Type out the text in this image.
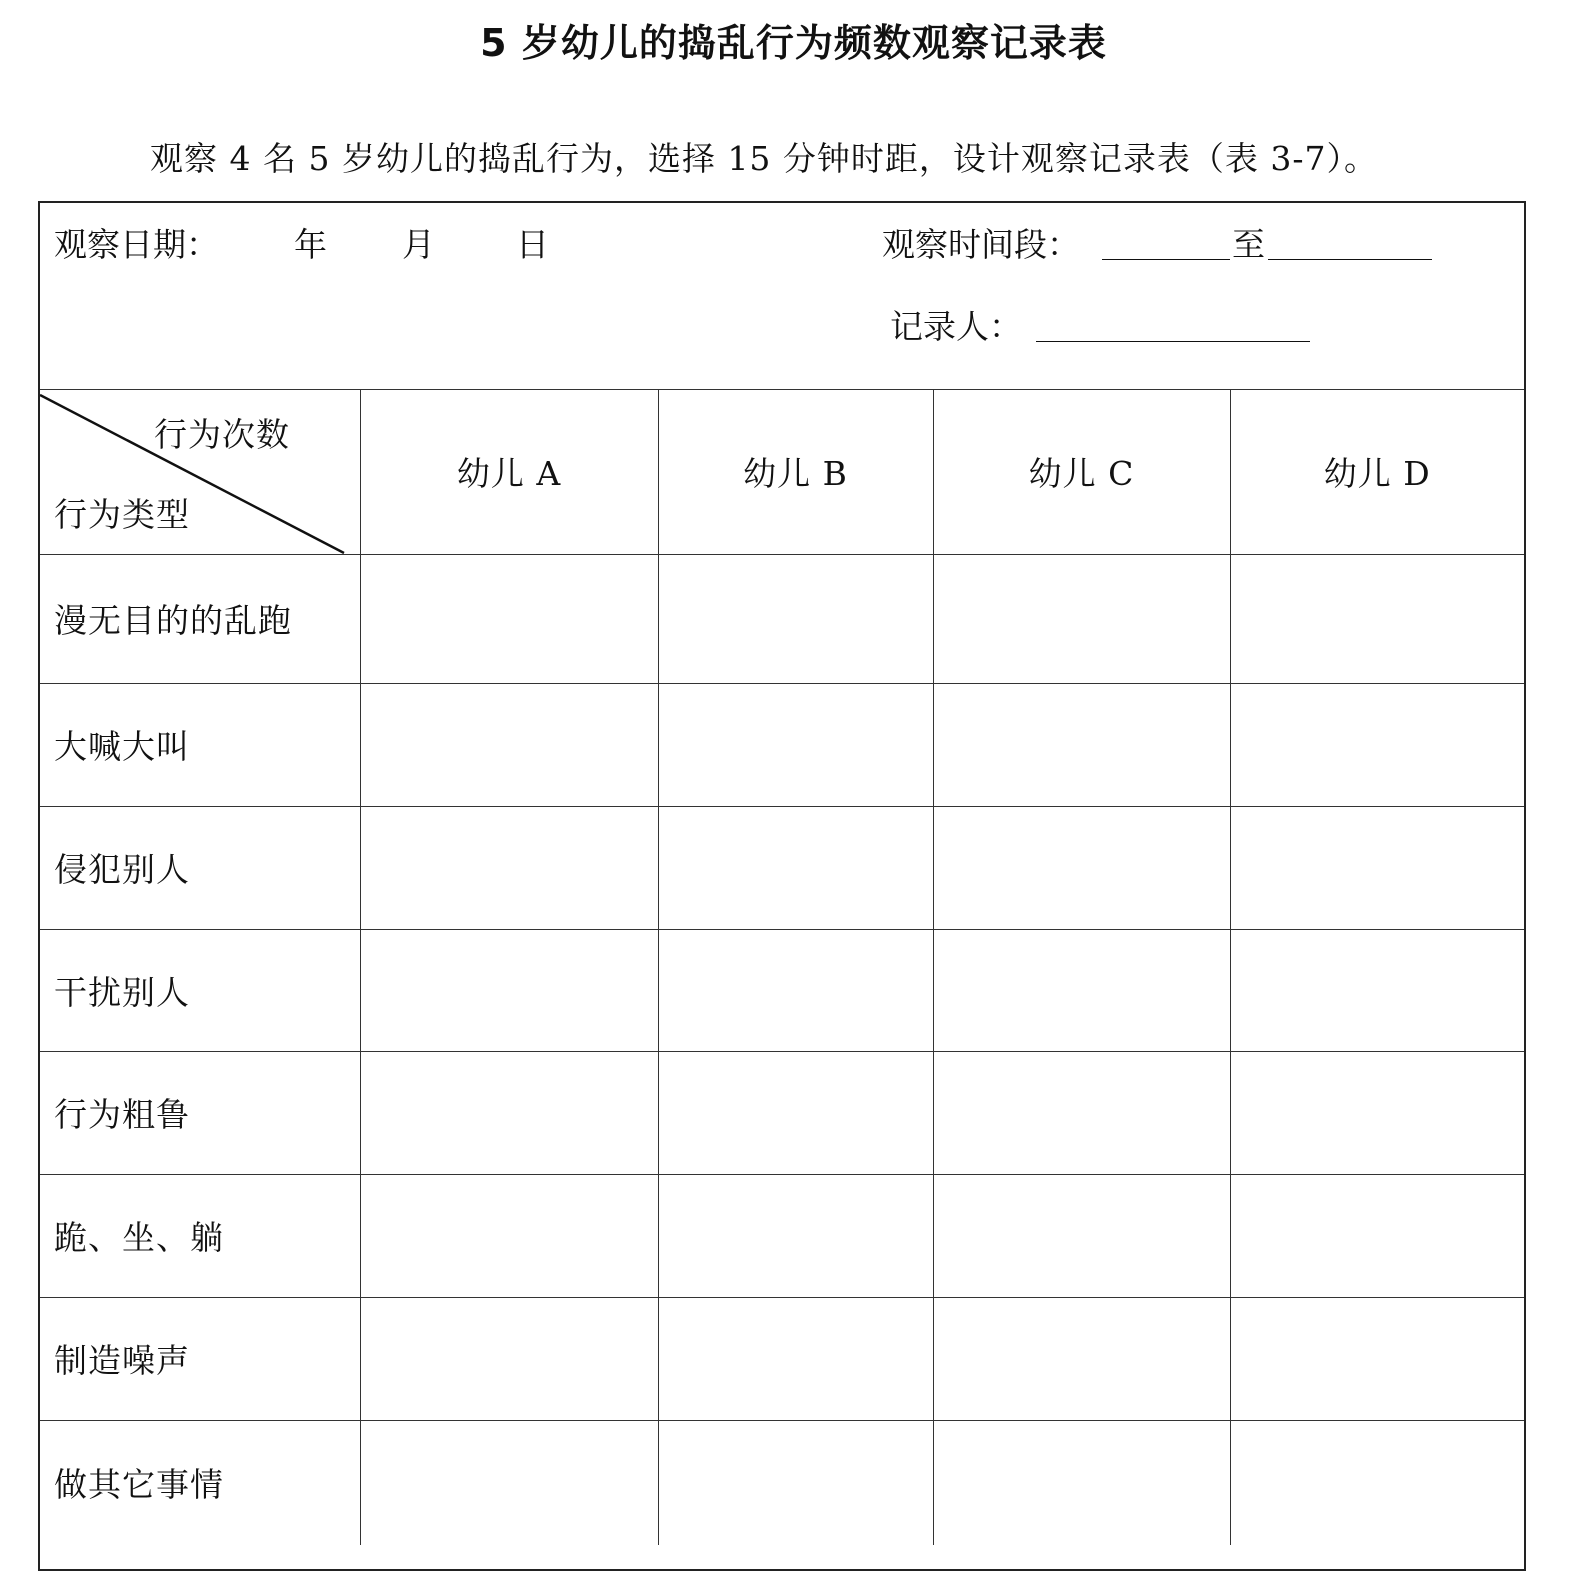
5 岁幼儿的捣乱行为频数观察记录表
观察 4 名 5 岁幼儿的捣乱行为，选择 15 分钟时距，设计观察记录表（表 3-7）。
观察日期： 年 月 日	观察时间段：	至
记录人：
行为次数
行为类型	幼儿 A	幼儿 B	幼儿 C	幼儿 D
漫无目的的乱跑				
大喊大叫				
侵犯别人				
干扰别人				
行为粗鲁				
跪、坐、躺				
制造噪声				
做其它事情				
